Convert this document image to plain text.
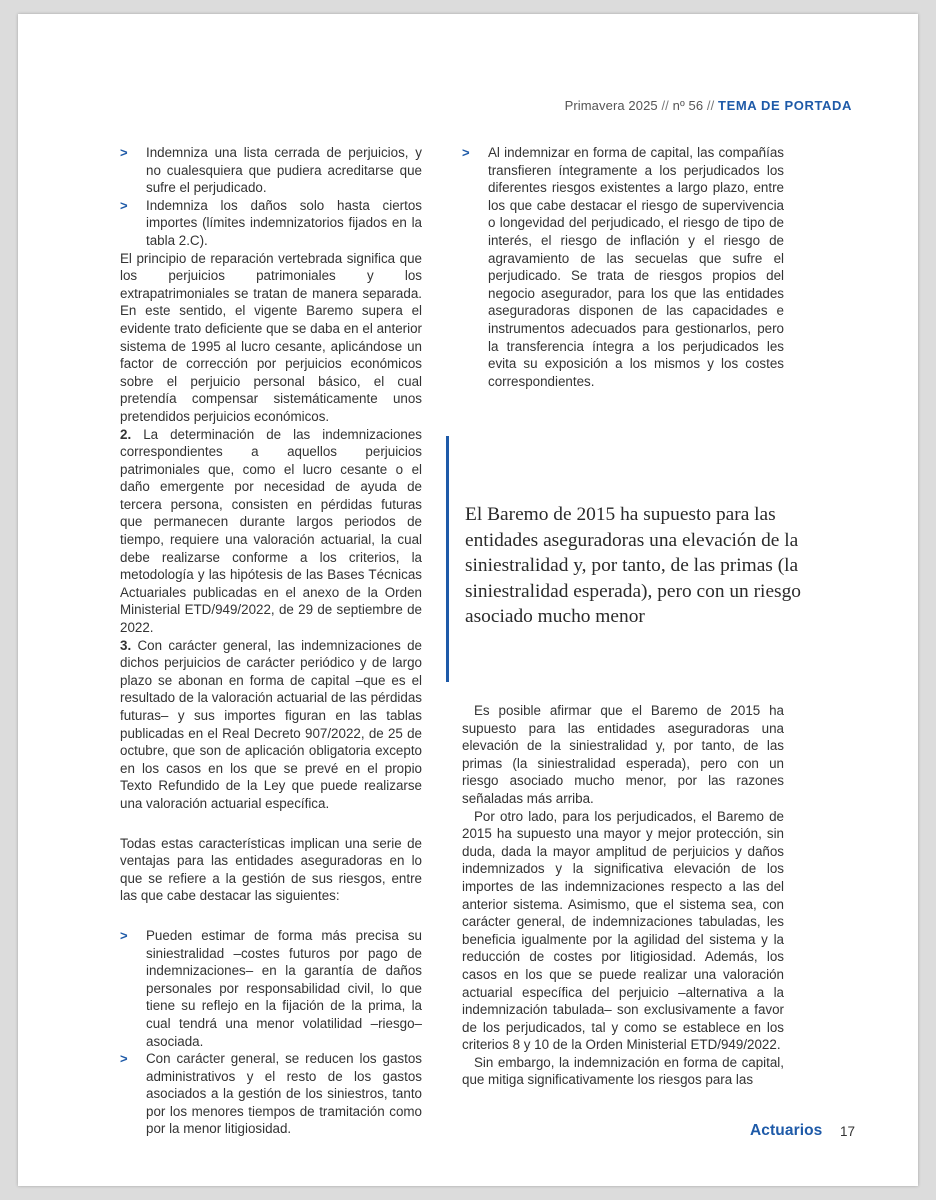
Primavera 2025 // nº 56 // TEMA DE PORTADA
> Indemniza una lista cerrada de perjuicios, y no cualesquiera que pudiera acreditarse que sufre el perjudicado.

> Indemniza los daños solo hasta ciertos importes (límites indemnizatorios fijados en la tabla 2.C).

El principio de reparación vertebrada significa que los perjuicios patrimoniales y los extrapatrimoniales se tratan de manera separada. En este sentido, el vigente Baremo supera el evidente trato deficiente que se daba en el anterior sistema de 1995 al lucro cesante, aplicándose un factor de corrección por perjuicios económicos sobre el perjuicio personal básico, el cual pretendía compensar sistemáticamente unos pretendidos perjuicios económicos.

2. La determinación de las indemnizaciones correspondientes a aquellos perjuicios patrimoniales que, como el lucro cesante o el daño emergente por necesidad de ayuda de tercera persona, consisten en pérdidas futuras que permanecen durante largos periodos de tiempo, requiere una valoración actuarial, la cual debe realizarse conforme a los criterios, la metodología y las hipótesis de las Bases Técnicas Actuariales publicadas en el anexo de la Orden Ministerial ETD/949/2022, de 29 de septiembre de 2022.

3. Con carácter general, las indemnizaciones de dichos perjuicios de carácter periódico y de largo plazo se abonan en forma de capital –que es el resultado de la valoración actuarial de las pérdidas futuras– y sus importes figuran en las tablas publicadas en el Real Decreto 907/2022, de 25 de octubre, que son de aplicación obligatoria excepto en los casos en los que se prevé en el propio Texto Refundido de la Ley que puede realizarse una valoración actuarial específica.

Todas estas características implican una serie de ventajas para las entidades aseguradoras en lo que se refiere a la gestión de sus riesgos, entre las que cabe destacar las siguientes:

> Pueden estimar de forma más precisa su siniestralidad –costes futuros por pago de indemnizaciones– en la garantía de daños personales por responsabilidad civil, lo que tiene su reflejo en la fijación de la prima, la cual tendrá una menor volatilidad –riesgo– asociada.

> Con carácter general, se reducen los gastos administrativos y el resto de los gastos asociados a la gestión de los siniestros, tanto por los menores tiempos de tramitación como por la menor litigiosidad.

> Al indemnizar en forma de capital, las compañías transfieren íntegramente a los perjudicados los diferentes riesgos existentes a largo plazo, entre los que cabe destacar el riesgo de supervivencia o longevidad del perjudicado, el riesgo de tipo de interés, el riesgo de inflación y el riesgo de agravamiento de las secuelas que sufre el perjudicado. Se trata de riesgos propios del negocio asegurador, para los que las entidades aseguradoras disponen de las capacidades e instrumentos adecuados para gestionarlos, pero la transferencia íntegra a los perjudicados les evita su exposición a los mismos y los costes correspondientes.

El Baremo de 2015 ha supuesto para las entidades aseguradoras una elevación de la siniestralidad y, por tanto, de las primas (la siniestralidad esperada), pero con un riesgo asociado mucho menor

Es posible afirmar que el Baremo de 2015 ha supuesto para las entidades aseguradoras una elevación de la siniestralidad y, por tanto, de las primas (la siniestralidad esperada), pero con un riesgo asociado mucho menor, por las razones señaladas más arriba.

Por otro lado, para los perjudicados, el Baremo de 2015 ha supuesto una mayor y mejor protección, sin duda, dada la mayor amplitud de perjuicios y daños indemnizados y la significativa elevación de los importes de las indemnizaciones respecto a las del anterior sistema. Asimismo, que el sistema sea, con carácter general, de indemnizaciones tabuladas, les beneficia igualmente por la agilidad del sistema y la reducción de costes por litigiosidad. Además, los casos en los que se puede realizar una valoración actuarial específica del perjuicio –alternativa a la indemnización tabulada– son exclusivamente a favor de los perjudicados, tal y como se establece en los criterios 8 y 10 de la Orden Ministerial ETD/949/2022.

Sin embargo, la indemnización en forma de capital, que mitiga significativamente los riesgos para las

Actuarios 17
